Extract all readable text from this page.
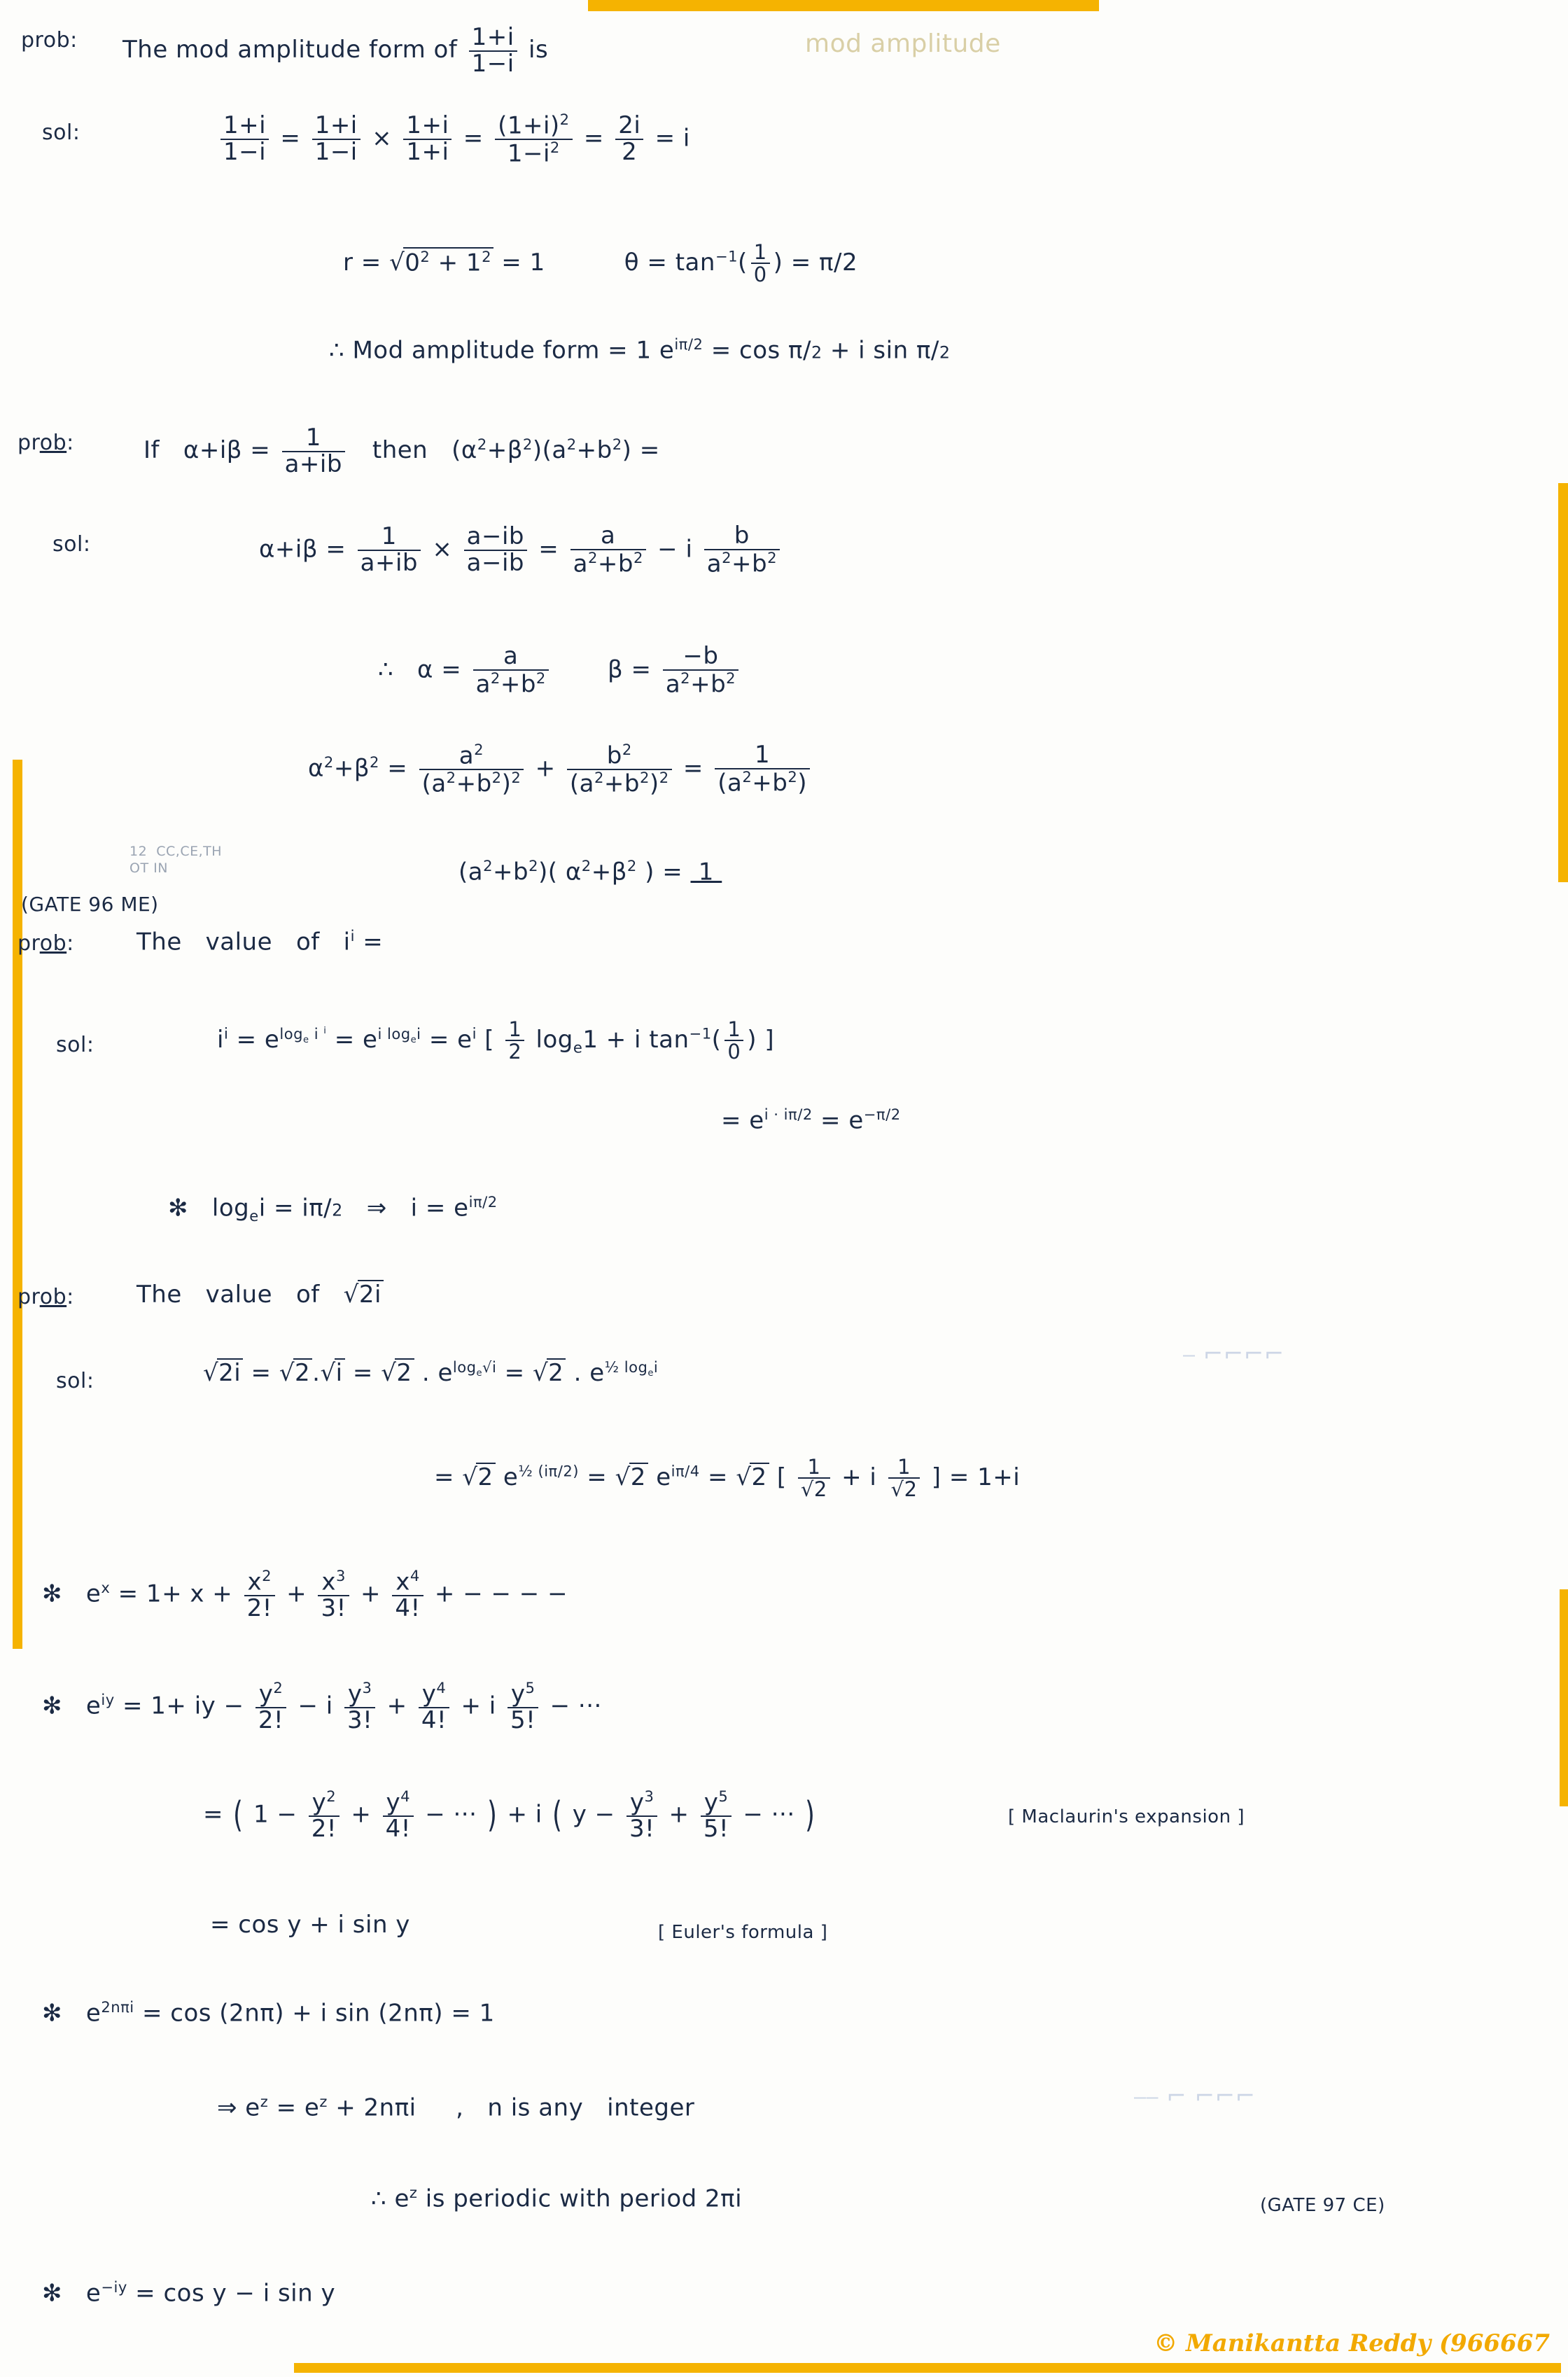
prob: The mod amplitude form of $\frac{1+i}{1-i}$ is	mod amplitude
sol:	$\frac{1+i}{1-i} = \frac{1+i}{1-i} \times \frac{1+i}{1+i} = \frac{(1+i)^2}{1-i^2} = \frac{2i}{2} = i$
$r = √0^2 + 1^2 = 1$          $\theta = \tan^{-1}( \frac{1}{0}$ ) = π/2
∴ Mod amplitude form = 1 $e^{i\pi/2} = \cos \pi/2 + i$ sin π/2
prob:	If   $\alpha+i\beta = \frac{1}{a+ib}$ then   $(\alpha^2+\beta^2)(a^2+b^2)$ =
sol:	$\alpha+i\beta = \frac{1}{a+ib} \times \frac{a-ib}{a-ib} = \frac{a}{a^2+b^2} - i \frac{b}{a^2+b^2}$
∴   $\alpha = \frac{a}{a^2+b^2}$ $\beta = \frac{-b}{a^2+b^2}$
$\alpha^2+\beta^2 = \frac{a^2}{(a^2+b^2)^2} + \frac{b^2}{(a^2+b^2)^2} = \frac{1}{(a^2+b^2)}$
$(a^2+b^2)$( $\alpha^2+\beta^2$ ) =  1
12  CC,CE,TH
OT IN
(GATE 96 ME)
prob:	The   value   of   $i^i$ =
sol:	$i^i = e^{log_e i ^i} = e^{i log_ei} = e^i$ [ $\frac{1}{2} \log_e1 + i$ $\tan^{-1}( \frac{1}{0}$ ) ]
= $e^{i \cdot i\pi/2} = e^{-\pi/2}$
✻   $\log_ei = i\pi/2$   ⇒   $i = e^{i\pi/2}$
prob:	The   value   of   √2i
sol:	√2i = √2.√i = √2 . $e^{log_e√i} = √2$ . $e^{\frac{1}{2} log_ei}$
= √2 $e^{\frac{1}{2} (i\pi/2)} = √2$ $e^{i\pi/4} = √2$ [ $\frac{1}{√2} + i \frac{1}{√2}$ ] = 1+i
✻   $e^x = 1+ x + \frac{x^2}{2!} + \frac{x^3}{3!} + \frac{x^4}{4!}$ + − − − −
✻   $e^{iy} = 1+$ iy − $\frac{y^2}{2!} - i \frac{y^3}{3!} + \frac{y^4}{4!} + i \frac{y^5}{5!}$ − ···
= ( $1 - \frac{y^2}{2!} + \frac{y^4}{4!}$ − ··· ) + i ( $y - \frac{y^3}{3!} + \frac{y^5}{5!}$ − ··· )	[ Maclaurin's expansion ]
= cos y + i sin y	[ Euler's formula ]
✻   $e^{2n\pi i} = \cos (2n\pi) + i$ sin (2nπ) = 1
⇒ $e^z = e^z + 2n\pi i$     ,   n is any   integer
∴ $e^z$ is periodic with period 2πi	(GATE 97 CE)
✻   $e^{-iy} = \cos y - i$ sin y
⎯ ⌐⌐⌐⌐
⎯⎯ ⌐ ⌐⌐⌐
© Manikantta Reddy (966667
